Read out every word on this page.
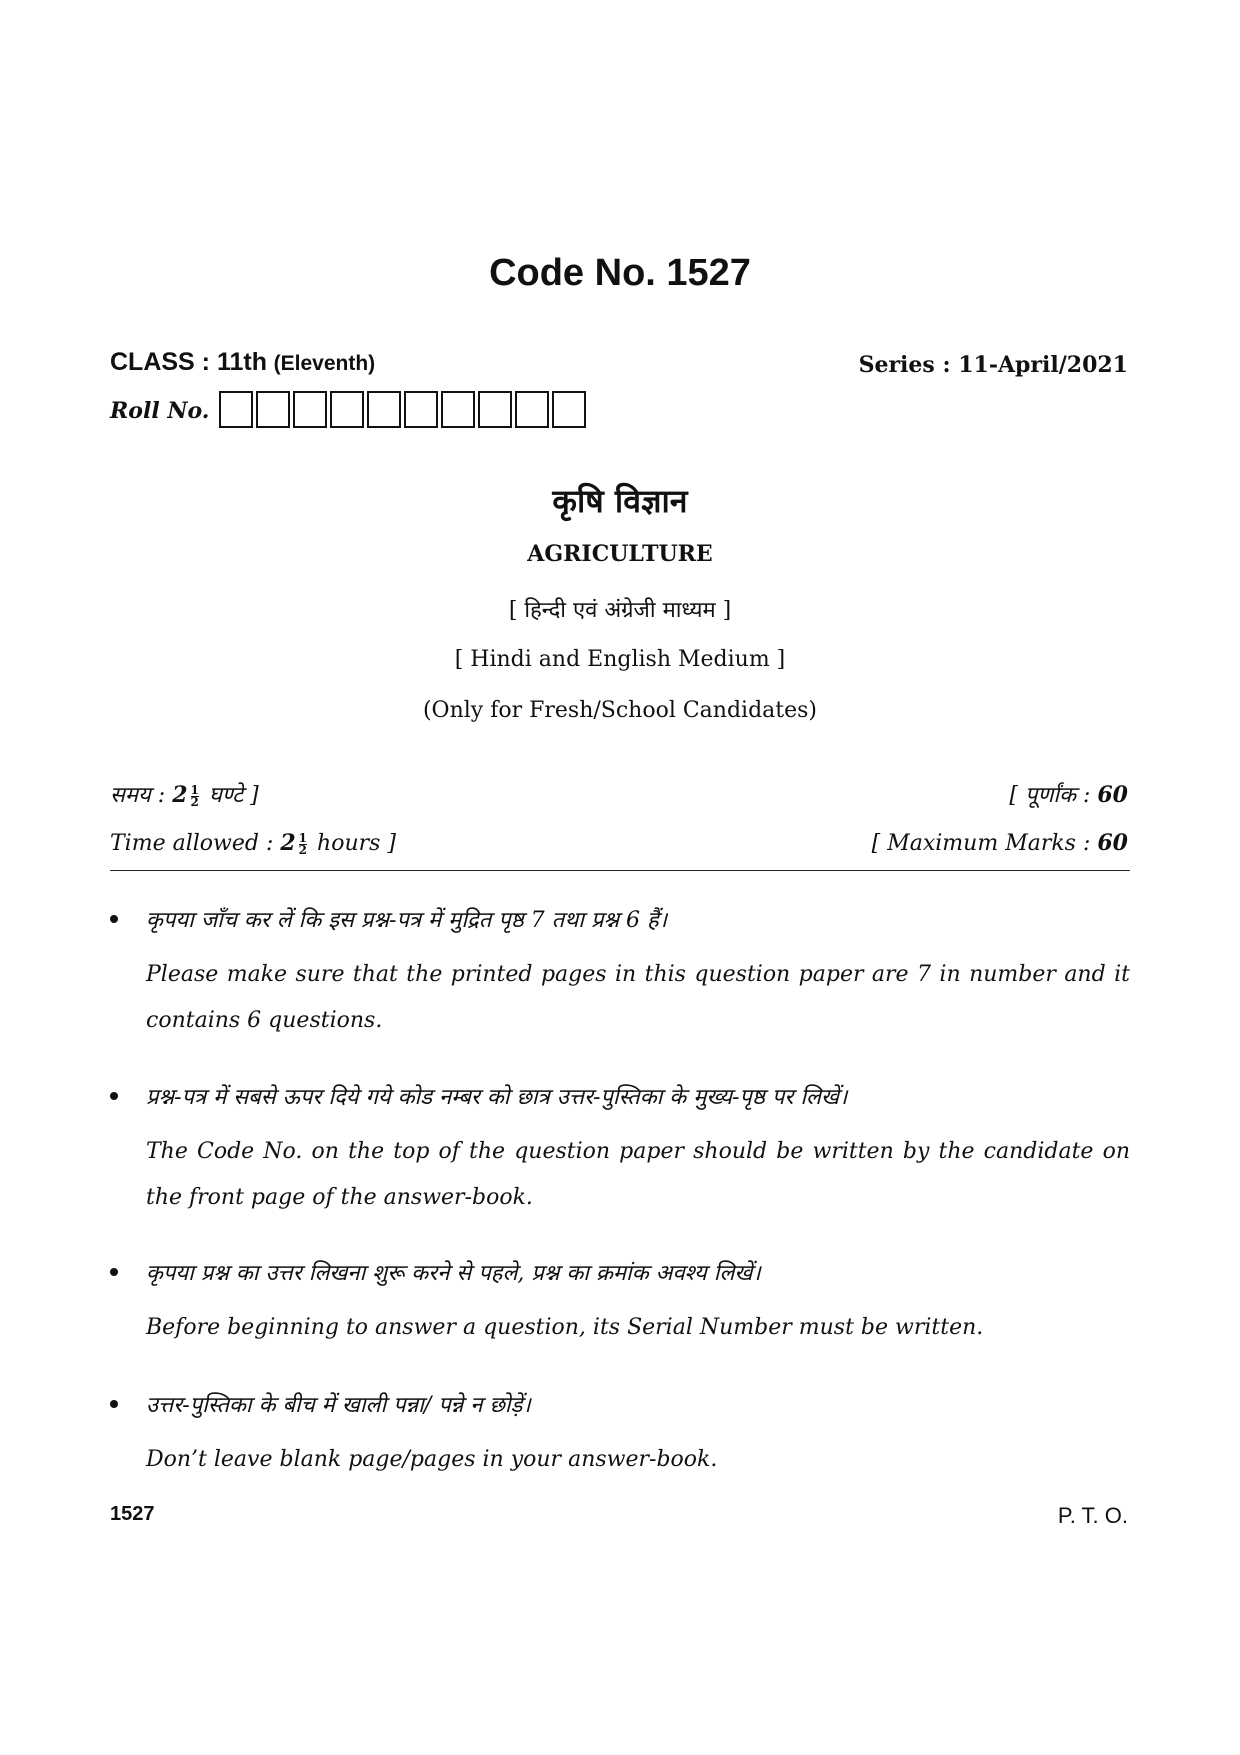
Code No. 1527
CLASS : 11th (Eleventh)	Series : 11-April/2021
Roll No.
कृषि विज्ञान
AGRICULTURE
[ हिन्दी एवं अंग्रेजी माध्यम ]
[ Hindi and English Medium ]
(Only for Fresh/School Candidates)
समय : $2 \frac{1}{2}$ घण्टे ]	[ पूर्णांक : 60
Time allowed : $2 \frac{1}{2}$ hours ]	[ Maximum Marks : 60
कृपया जाँच कर लें कि इस प्रश्न-पत्र में मुद्रित पृष्ठ 7 तथा प्रश्न 6 हैं।
Please make sure that the printed pages in this question paper are 7 in number and it contains 6 questions.
प्रश्न-पत्र में सबसे ऊपर दिये गये कोड नम्बर को छात्र उत्तर-पुस्तिका के मुख्य-पृष्ठ पर लिखें।
The Code No. on the top of the question paper should be written by the candidate on the front page of the answer-book.
कृपया प्रश्न का उत्तर लिखना शुरू करने से पहले, प्रश्न का क्रमांक अवश्य लिखें।
Before beginning to answer a question, its Serial Number must be written.
उत्तर-पुस्तिका के बीच में खाली पन्ना/ पन्ने न छोड़ें।
Don’t leave blank page/pages in your answer-book.
1527	P. T. O.
